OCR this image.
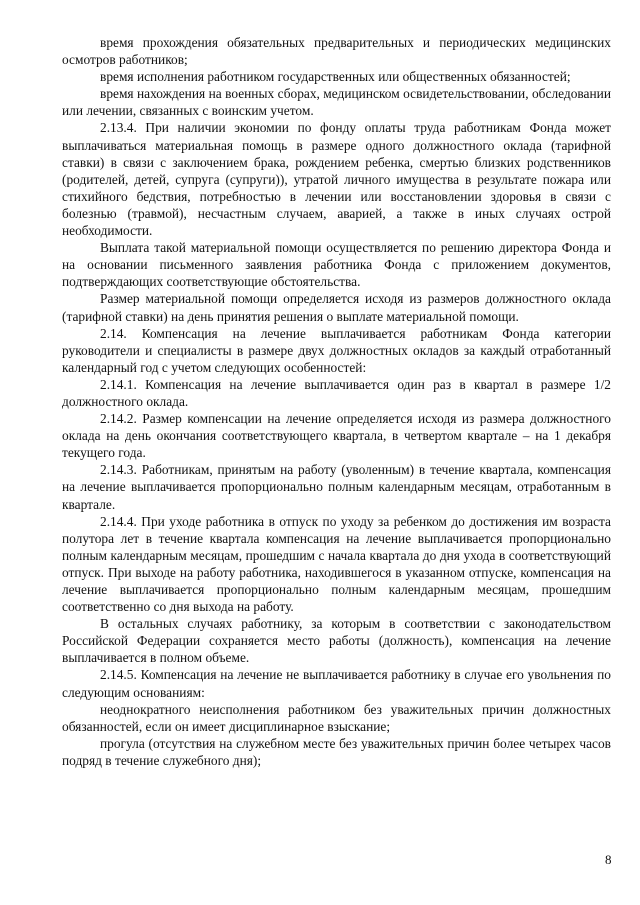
время прохождения обязательных предварительных и периодических медицинских осмотров работников;

время исполнения работником государственных или общественных обязанностей;

время нахождения на военных сборах, медицинском освидетельствовании, обследовании или лечении, связанных с воинским учетом.

2.13.4. При наличии экономии по фонду оплаты труда работникам Фонда может выплачиваться материальная помощь в размере одного должностного оклада (тарифной ставки) в связи с заключением брака, рождением ребенка, смертью близких родственников (родителей, детей, супруга (супруги)), утратой личного имущества в результате пожара или стихийного бедствия, потребностью в лечении или восстановлении здоровья в связи с болезнью (травмой), несчастным случаем, аварией, а такжe в иных случаях острой необходимости.

Выплата такой материальной помощи осуществляется по решению директора Фонда и на основании письменного заявления работника Фонда с приложением документов, подтверждающих соответствующие обстоятельства.

Размер материальной помощи определяется исходя из размеров должностного оклада (тарифной ставки) на день принятия решения о выплате материальной помощи.

2.14. Компенсация на лечение выплачивается работникам Фонда категории руководители и специалисты в размере двух должностных окладов за каждый отработанный календарный год с учетом следующих особенностей:

2.14.1. Компенсация на лечение выплачивается один раз в квартал в размере 1/2 должностного оклада.

2.14.2. Размер компенсации на лечение определяется исходя из размера должностного оклада на день окончания соответствующего квартала, в четвертом квартале – на 1 декабря текущего года.

2.14.3. Работникам, принятым на работу (уволенным) в течение квартала, компенсация на лечение выплачивается пропорционально полным календарным месяцам, отработанным в квартале.

2.14.4. При уходе работника в отпуск по уходу за ребенком до достижения им возраста полутора лет в течение квартала компенсация на лечение выплачивается пропорционально полным календарным месяцам, прошедшим с начала квартала до дня ухода в соответствующий отпуск. При выходе на работу работника, находившегося в указанном отпуске, компенсация на лечение выплачивается пропорционально полным календарным месяцам, прошедшим соответственно со дня выхода на работу.

В остальных случаях работнику, за которым в соответствии с законодательством Российской Федерации сохраняется место работы (должность), компенсация на лечение выплачивается в полном объеме.

2.14.5. Компенсация на лечение не выплачивается работнику в случае его увольнения по следующим основаниям:

неоднократного неисполнения работником без уважительных причин должностных обязанностей, если он имеет дисциплинарное взыскание;

прогула (отсутствия на служебном месте без уважительных причин более четырех часов подряд в течение служебного дня);

8
